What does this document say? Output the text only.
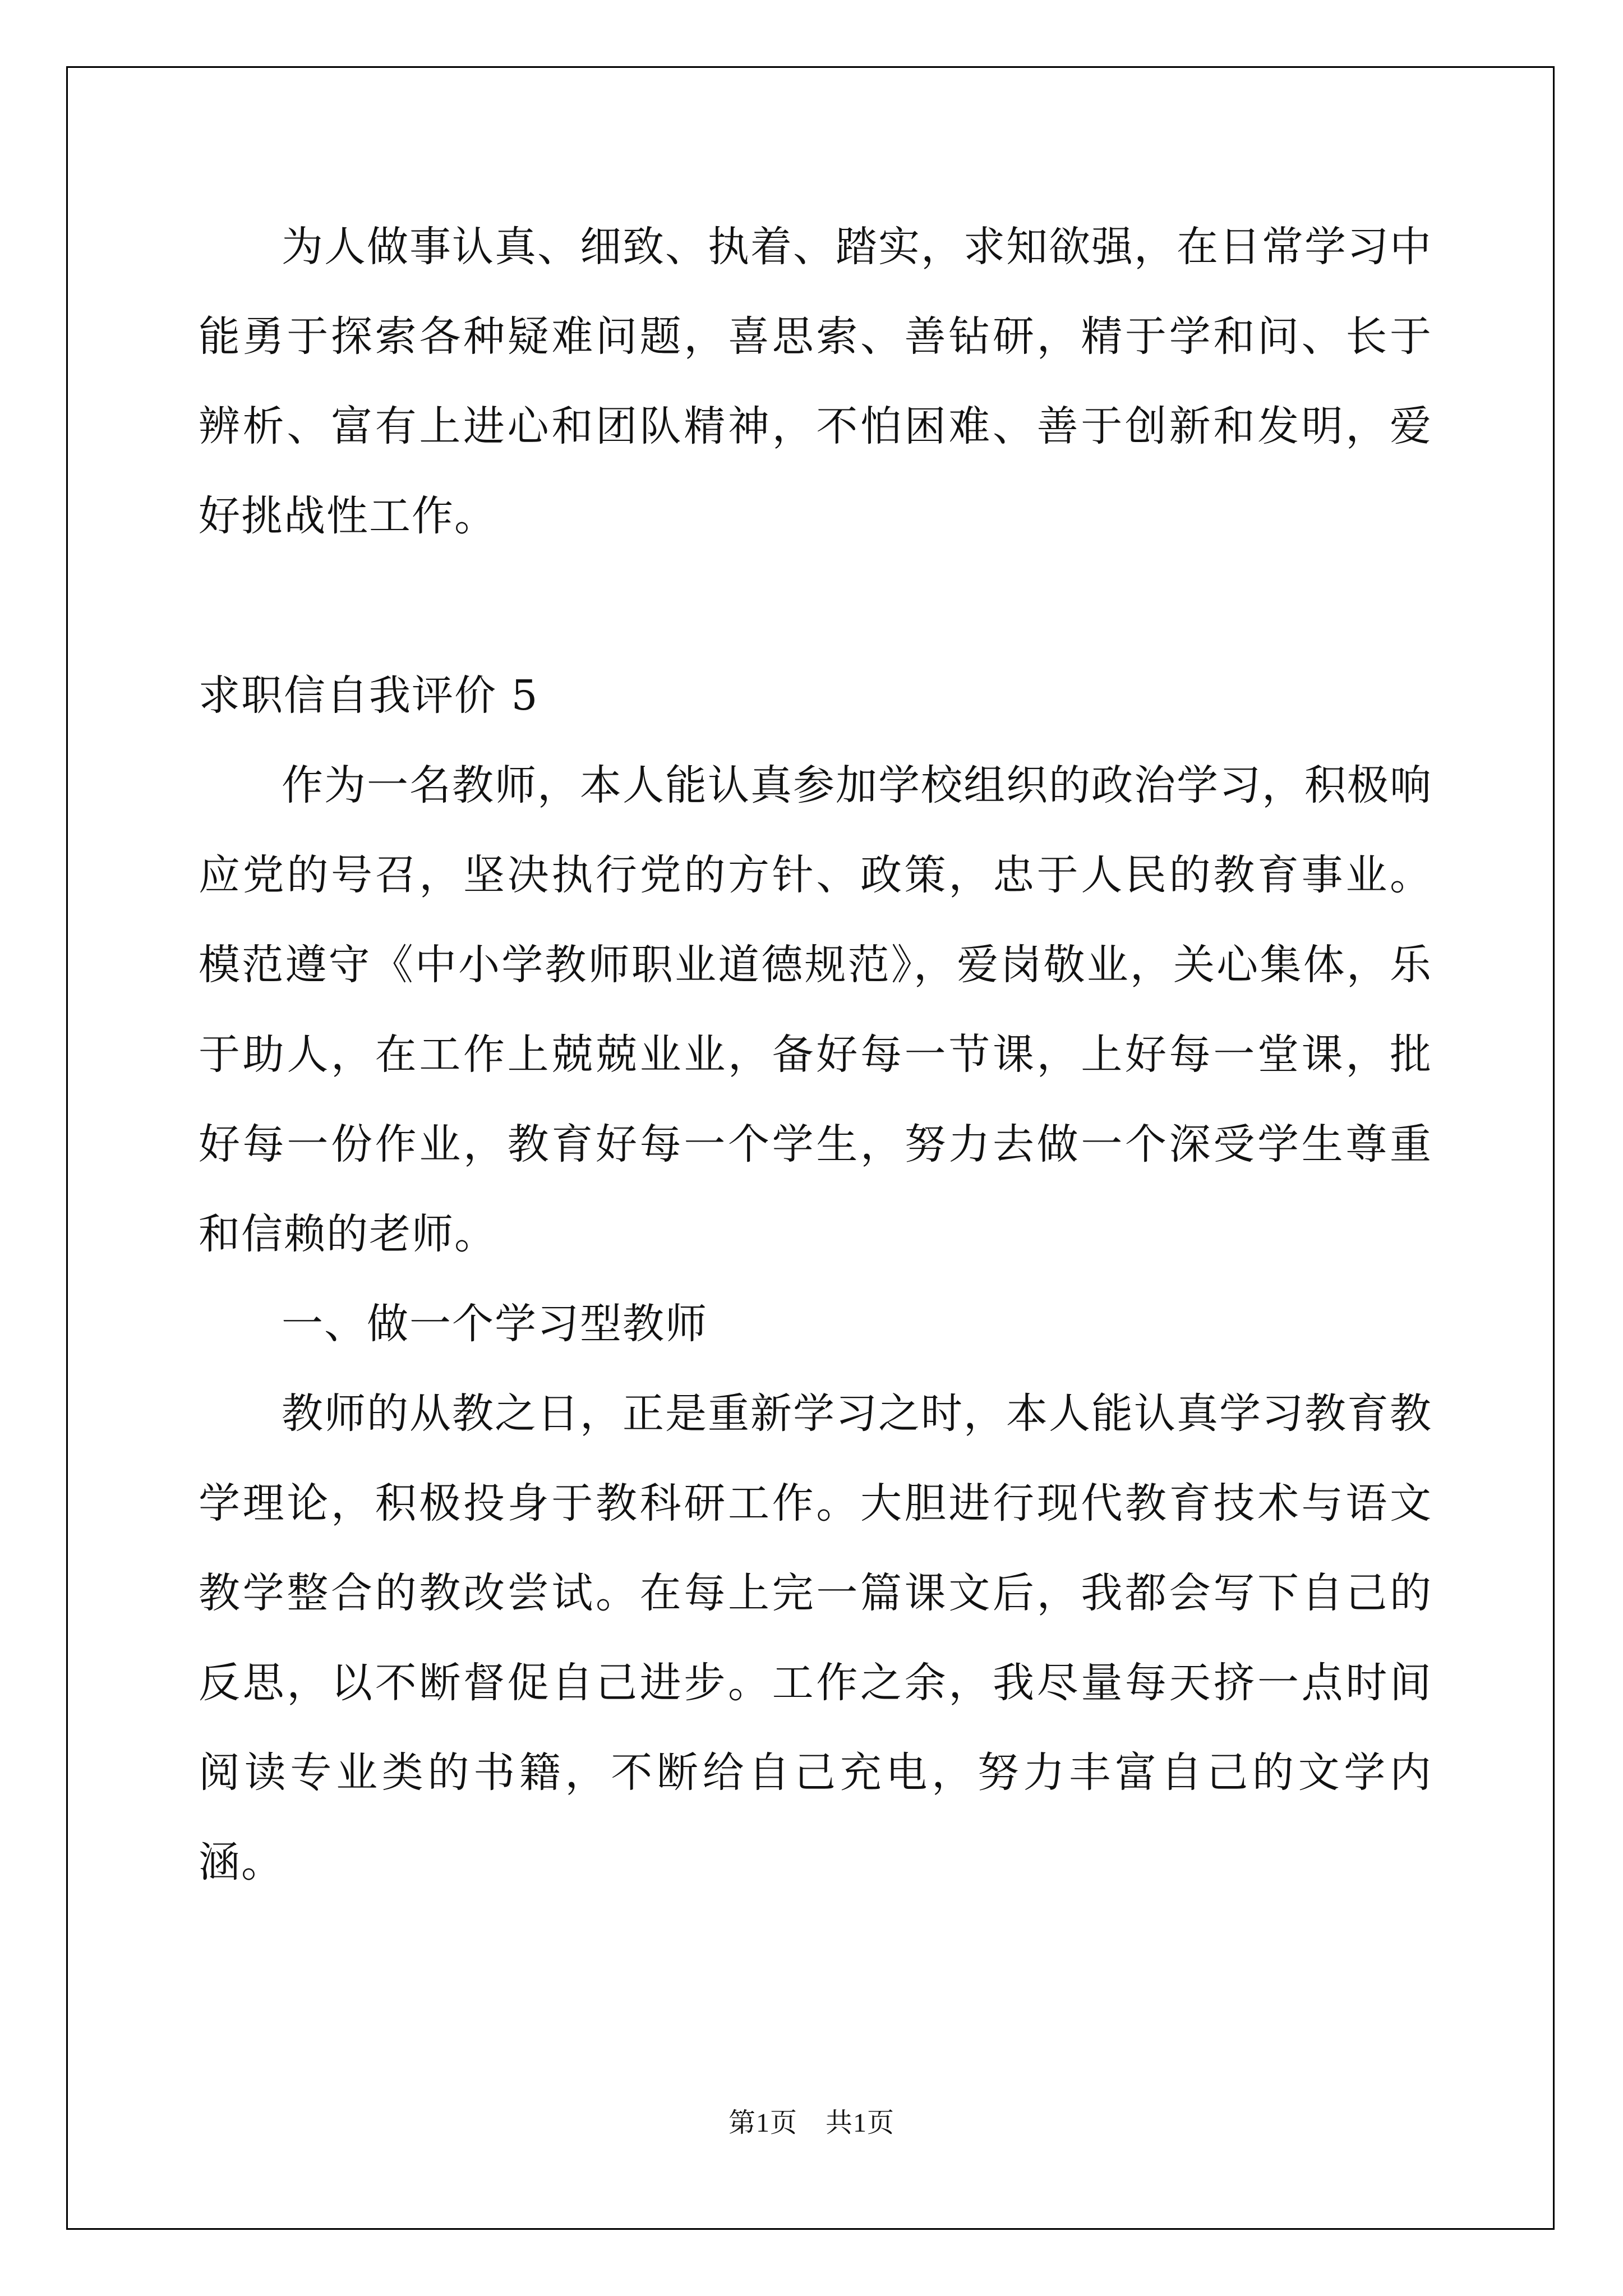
为人做事认真、细致、执着、踏实，求知欲强，在日常学习中能勇于探索各种疑难问题，喜思索、善钻研，精于学和问、长于辨析、富有上进心和团队精神，不怕困难、善于创新和发明，爱好挑战性工作。

求职信自我评价 5

作为一名教师，本人能认真参加学校组织的政治学习，积极响应党的号召，坚决执行党的方针、政策，忠于人民的教育事业。模范遵守《中小学教师职业道德规范》，爱岗敬业，关心集体，乐于助人，在工作上兢兢业业，备好每一节课，上好每一堂课，批好每一份作业，教育好每一个学生，努力去做一个深受学生尊重和信赖的老师。

一、做一个学习型教师

教师的从教之日，正是重新学习之时，本人能认真学习教育教学理论，积极投身于教科研工作。大胆进行现代教育技术与语文教学整合的教改尝试。在每上完一篇课文后，我都会写下自己的反思，以不断督促自己进步。工作之余，我尽量每天挤一点时间阅读专业类的书籍，不断给自己充电，努力丰富自己的文学内涵。

第1页 共1页
